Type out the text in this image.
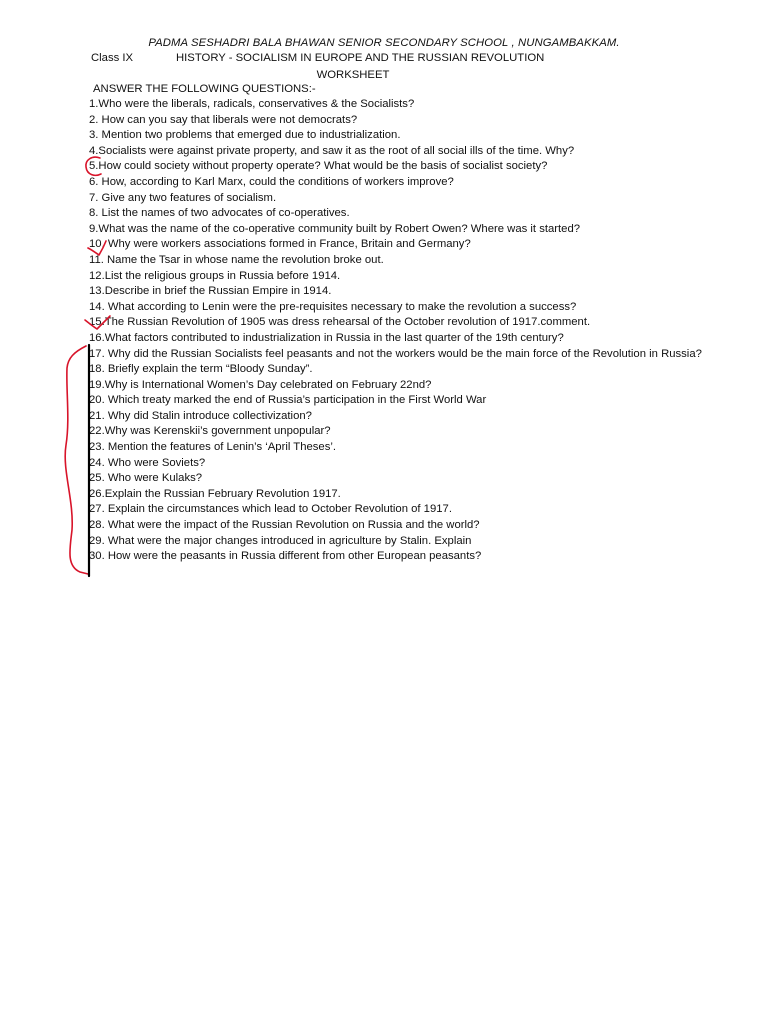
PADMA SESHADRI BALA BHAWAN SENIOR SECONDARY SCHOOL , NUNGAMBAKKAM.
Class IX	HISTORY - SOCIALISM IN EUROPE AND THE RUSSIAN REVOLUTION
WORKSHEET
ANSWER THE FOLLOWING QUESTIONS:-
1.Who were the liberals, radicals, conservatives & the Socialists?
2. How can you say that liberals were not democrats?
3. Mention two problems that emerged due to industrialization.
4.Socialists were against private property, and saw it as the root of all social ills of the time. Why?
5.How could society without property operate? What would be the basis of socialist society?
6. How, according to Karl Marx, could the conditions of workers improve?
7. Give any two features of socialism.
8. List the names of two advocates of co-operatives.
9.What was the name of the co-operative community built by Robert Owen? Where was it started?
10. Why were workers associations formed in France, Britain and Germany?
11. Name the Tsar in whose name the revolution broke out.
12.List the religious groups in Russia before 1914.
13.Describe in brief the Russian Empire in 1914.
14. What according to Lenin were the pre-requisites necessary to make the revolution a success?
15.The Russian Revolution of 1905 was dress rehearsal of the October revolution of 1917.comment.
16.What factors contributed to industrialization in Russia in the last quarter of the 19th century?
17. Why did the Russian Socialists feel peasants and not the workers would be the main force of the Revolution in Russia?
18. Briefly explain the term “Bloody Sunday”.
19.Why is International Women’s Day celebrated on February 22nd?
20. Which treaty marked the end of Russia’s participation in the First World War
21. Why did Stalin introduce collectivization?
22.Why was Kerenskii’s government unpopular?
23. Mention the features of Lenin’s ‘April Theses’.
24. Who were Soviets?
25. Who were Kulaks?
26.Explain the Russian February Revolution 1917.
27. Explain the circumstances which lead to October Revolution of 1917.
28. What were the impact of the Russian Revolution on Russia and the world?
29. What were the major changes introduced in agriculture by Stalin. Explain
30. How were the peasants in Russia different from other European peasants?
